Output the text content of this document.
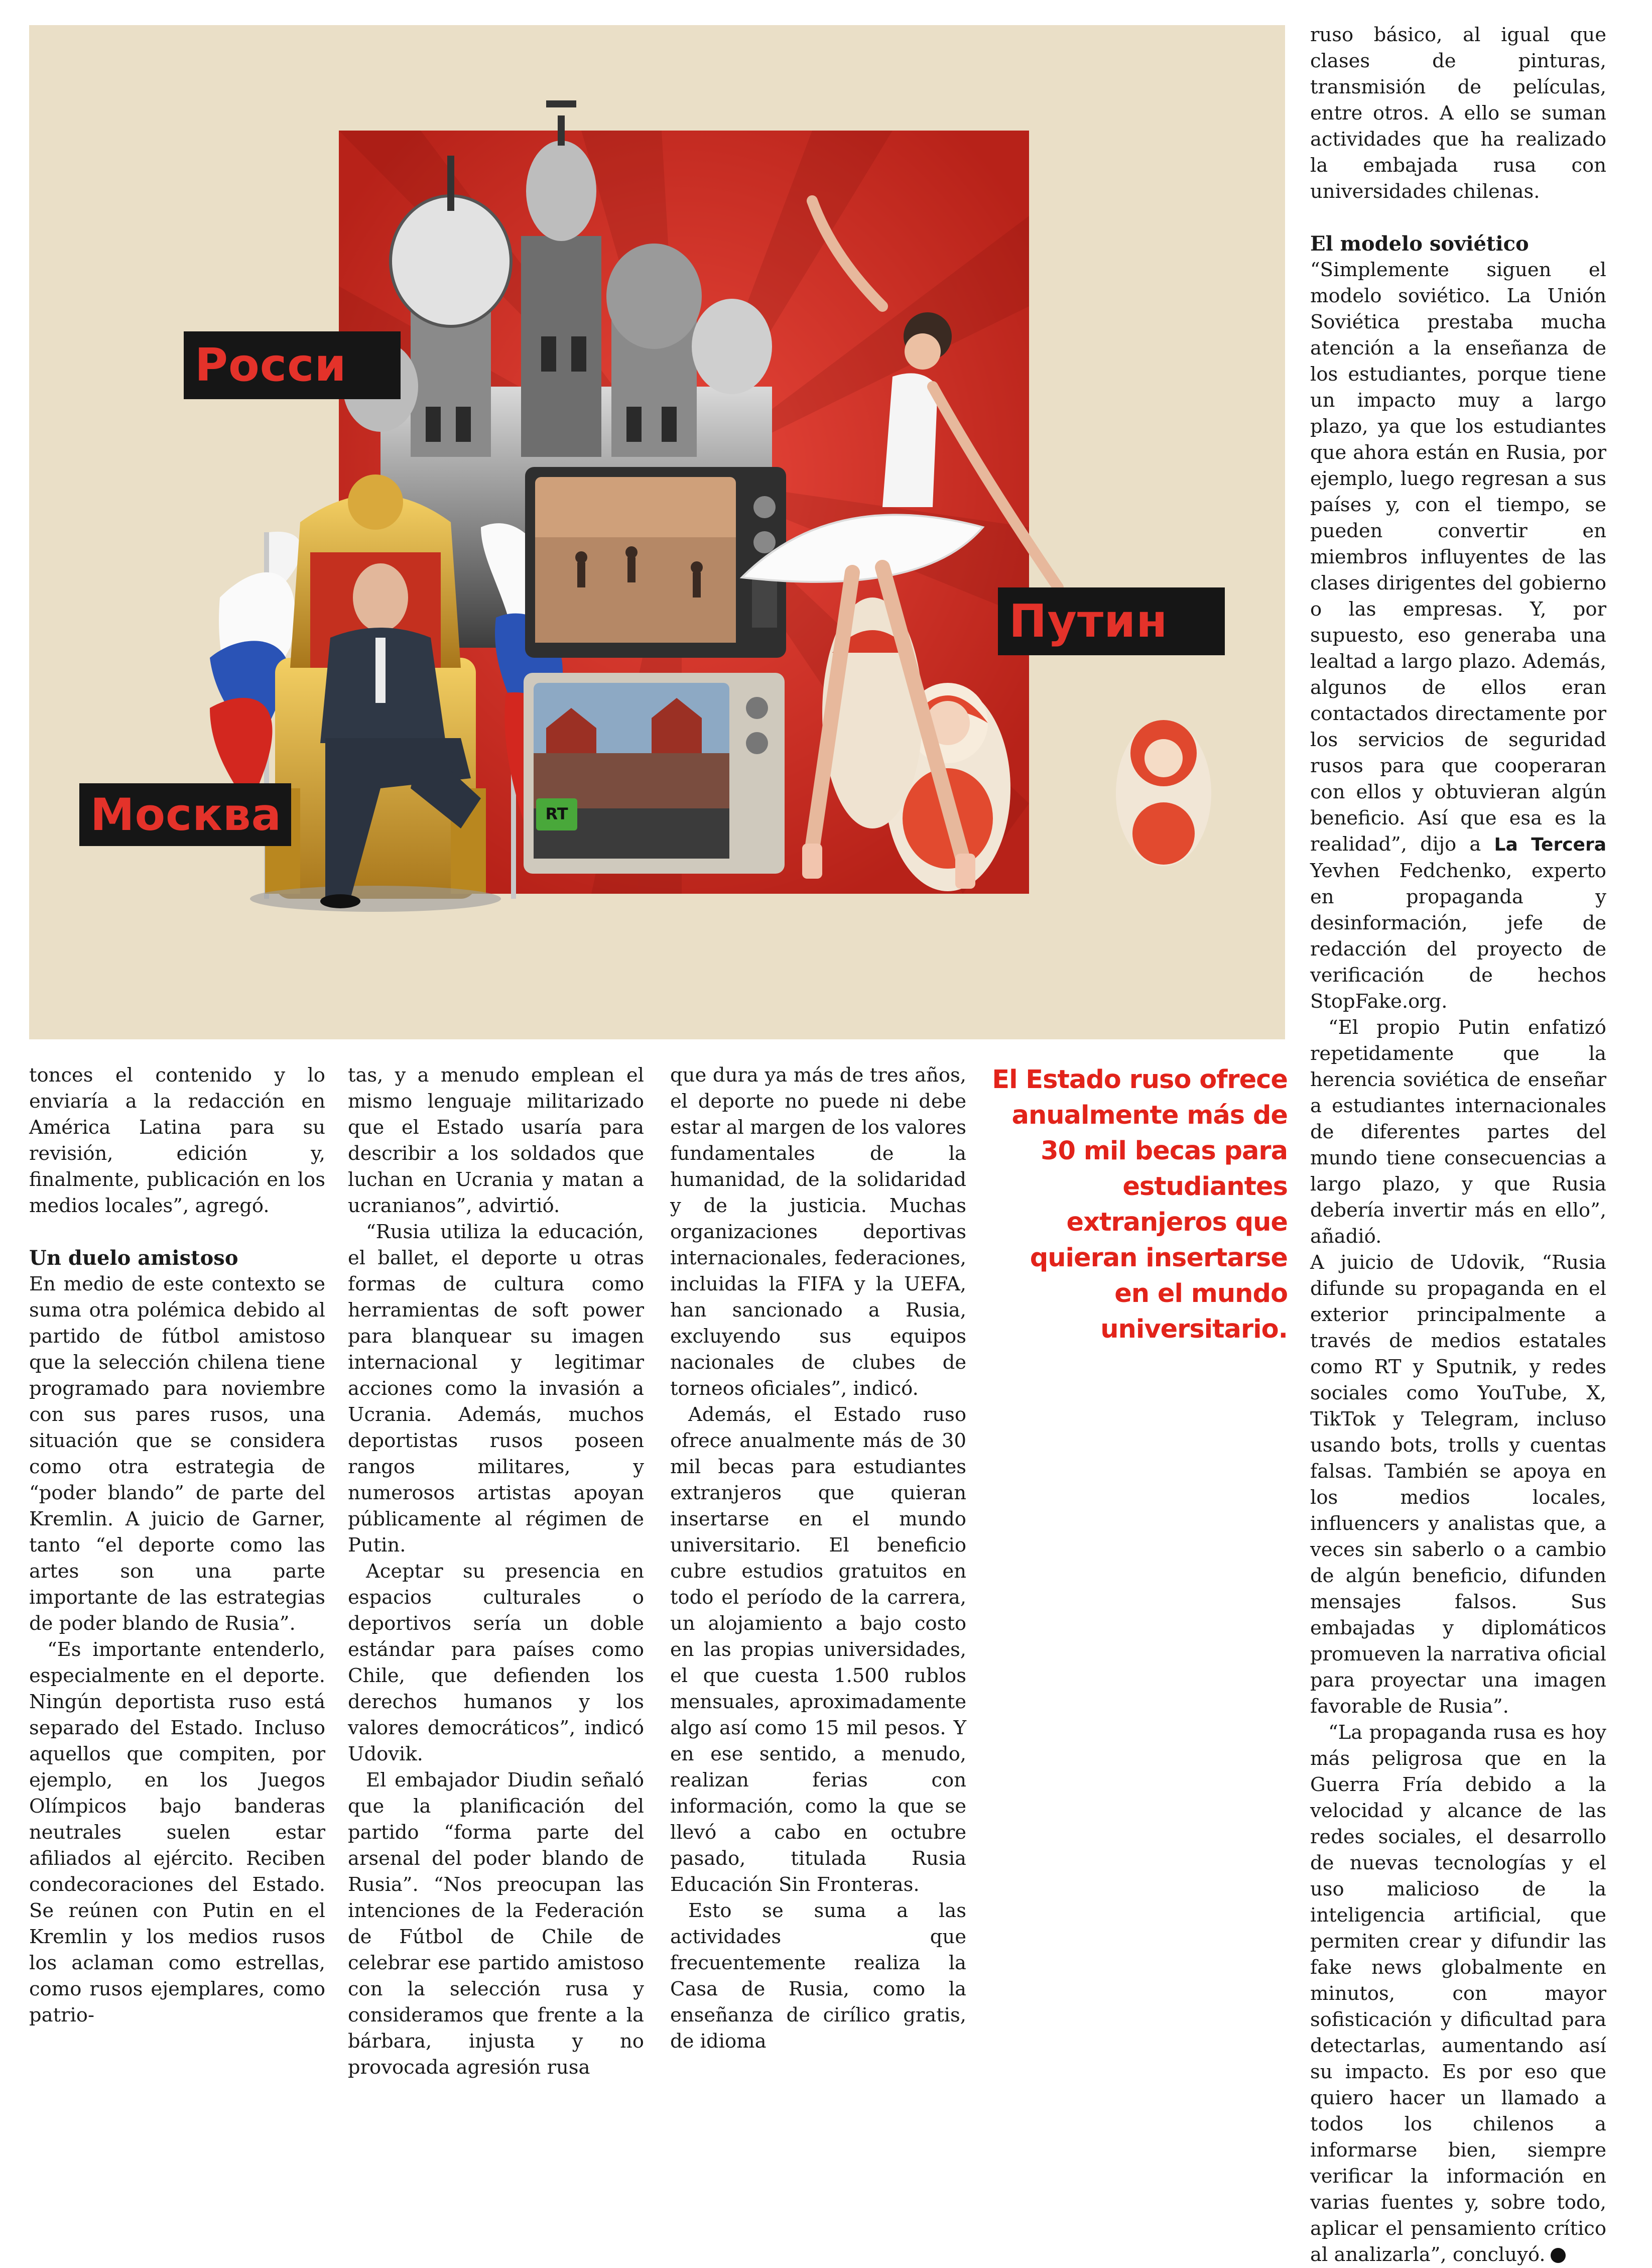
RT
Росси
Путин
Москва

tonces el contenido y lo enviaría a la redacción en América Latina para su revisión, edición y, finalmente, publicación en los medios locales”, agregó.

Un duelo amistoso

En medio de este contexto se suma otra polémica debido al partido de fútbol amistoso que la selección chilena tiene programado para noviembre con sus pares rusos, una situación que se considera como otra estrategia de “poder blando” de parte del Kremlin. A juicio de Garner, tanto “el deporte como las artes son una parte importante de las estrategias de poder blando de Rusia”.

“Es importante entenderlo, especialmente en el deporte. Ningún deportista ruso está separado del Estado. Incluso aquellos que compiten, por ejemplo, en los Juegos Olímpicos bajo banderas neutrales suelen estar afiliados al ejército. Reciben condecoraciones del Estado. Se reúnen con Putin en el Kremlin y los medios rusos los aclaman como estrellas, como rusos ejemplares, como patrio-

tas, y a menudo emplean el mismo lenguaje militarizado que el Estado usaría para describir a los soldados que luchan en Ucrania y matan a ucranianos”, advirtió.

“Rusia utiliza la educación, el ballet, el deporte u otras formas de cultura como herramientas de soft power para blanquear su imagen internacional y legitimar acciones como la invasión a Ucrania. Además, muchos deportistas rusos poseen rangos militares, y numerosos artistas apoyan públicamente al régimen de Putin.

Aceptar su presencia en espacios culturales o deportivos sería un doble estándar para países como Chile, que defienden los derechos humanos y los valores democráticos”, indicó Udovik.

El embajador Diudin señaló que la planificación del partido “forma parte del arsenal del poder blando de Rusia”. “Nos preocupan las intenciones de la Federación de Fútbol de Chile de celebrar ese partido amistoso con la selección rusa y consideramos que frente a la bárbara, injusta y no provocada agresión rusa

que dura ya más de tres años, el deporte no puede ni debe estar al margen de los valores fundamentales de la humanidad, de la solidaridad y de la justicia. Muchas organizaciones deportivas internacionales, federaciones, incluidas la FIFA y la UEFA, han sancionado a Rusia, excluyendo sus equipos nacionales de clubes de torneos oficiales”, indicó.

Además, el Estado ruso ofrece anualmente más de 30 mil becas para estudiantes extranjeros que quieran insertarse en el mundo universitario. El beneficio cubre estudios gratuitos en todo el período de la carrera, un alojamiento a bajo costo en las propias universidades, el que cuesta 1.500 rublos mensuales, aproximadamente algo así como 15 mil pesos. Y en ese sentido, a menudo, realizan ferias con información, como la que se llevó a cabo en octubre pasado, titulada Rusia Educación Sin Fronteras.

Esto se suma a las actividades que frecuentemente realiza la Casa de Rusia, como la enseñanza de cirílico gratis, de idioma

El Estado ruso ofrece anualmente más de 30 mil becas para estudiantes extranjeros que quieran insertarse en el mundo universitario.

ruso básico, al igual que clases de pinturas, transmisión de películas, entre otros. A ello se suman actividades que ha realizado la embajada rusa con universidades chilenas.

El modelo soviético

“Simplemente siguen el modelo soviético. La Unión Soviética prestaba mucha atención a la enseñanza de los estudiantes, porque tiene un impacto muy a largo plazo, ya que los estudiantes que ahora están en Rusia, por ejemplo, luego regresan a sus países y, con el tiempo, se pueden convertir en miembros influyentes de las clases dirigentes del gobierno o las empresas. Y, por supuesto, eso generaba una lealtad a largo plazo. Además, algunos de ellos eran contactados directamente por los servicios de seguridad rusos para que cooperaran con ellos y obtuvieran algún beneficio. Así que esa es la realidad”, dijo a La Tercera Yevhen Fedchenko, experto en propaganda y desinformación, jefe de redacción del proyecto de verificación de hechos StopFake.org.

“El propio Putin enfatizó repetidamente que la herencia soviética de enseñar a estudiantes internacionales de diferentes partes del mundo tiene consecuencias a largo plazo, y que Rusia debería invertir más en ello”, añadió.

A juicio de Udovik, “Rusia difunde su propaganda en el exterior principalmente a través de medios estatales como RT y Sputnik, y redes sociales como YouTube, X, TikTok y Telegram, incluso usando bots, trolls y cuentas falsas. También se apoya en los medios locales, influencers y analistas que, a veces sin saberlo o a cambio de algún beneficio, difunden mensajes falsos. Sus embajadas y diplomáticos promueven la narrativa oficial para proyectar una imagen favorable de Rusia”.

“La propaganda rusa es hoy más peligrosa que en la Guerra Fría debido a la velocidad y alcance de las redes sociales, el desarrollo de nuevas tecnologías y el uso malicioso de la inteligencia artificial, que permiten crear y difundir las fake news globalmente en minutos, con mayor sofisticación y dificultad para detectarlas, aumentando así su impacto. Es por eso que quiero hacer un llamado a todos los chilenos a informarse bien, siempre verificar la información en varias fuentes y, sobre todo, aplicar el pensamiento crítico al analizarla”, concluyó.
